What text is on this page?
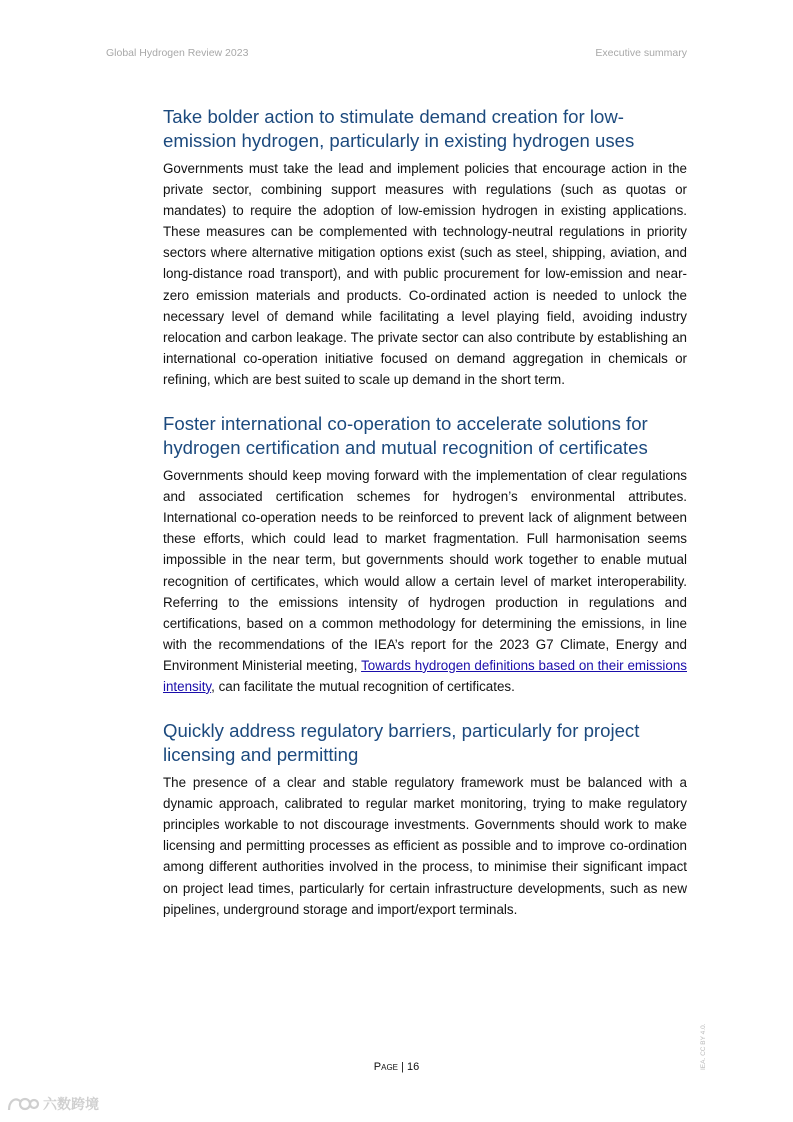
Global Hydrogen Review 2023	Executive summary
Take bolder action to stimulate demand creation for low-emission hydrogen, particularly in existing hydrogen uses

Governments must take the lead and implement policies that encourage action in the private sector, combining support measures with regulations (such as quotas or mandates) to require the adoption of low-emission hydrogen in existing applications. These measures can be complemented with technology-neutral regulations in priority sectors where alternative mitigation options exist (such as steel, shipping, aviation, and long-distance road transport), and with public procurement for low-emission and near-zero emission materials and products. Co-ordinated action is needed to unlock the necessary level of demand while facilitating a level playing field, avoiding industry relocation and carbon leakage. The private sector can also contribute by establishing an international co-operation initiative focused on demand aggregation in chemicals or refining, which are best suited to scale up demand in the short term.

Foster international co-operation to accelerate solutions for hydrogen certification and mutual recognition of certificates

Governments should keep moving forward with the implementation of clear regulations and associated certification schemes for hydrogen’s environmental attributes. International co-operation needs to be reinforced to prevent lack of alignment between these efforts, which could lead to market fragmentation. Full harmonisation seems impossible in the near term, but governments should work together to enable mutual recognition of certificates, which would allow a certain level of market interoperability. Referring to the emissions intensity of hydrogen production in regulations and certifications, based on a common methodology for determining the emissions, in line with the recommendations of the IEA’s report for the 2023 G7 Climate, Energy and Environment Ministerial meeting, Towards hydrogen definitions based on their emissions intensity, can facilitate the mutual recognition of certificates.

Quickly address regulatory barriers, particularly for project licensing and permitting

The presence of a clear and stable regulatory framework must be balanced with a dynamic approach, calibrated to regular market monitoring, trying to make regulatory principles workable to not discourage investments. Governments should work to make licensing and permitting processes as efficient as possible and to improve co-ordination among different authorities involved in the process, to minimise their significant impact on project lead times, particularly for certain infrastructure developments, such as new pipelines, underground storage and import/export terminals.

Page | 16	IEA. CC BY 4.0.
六数跨境
